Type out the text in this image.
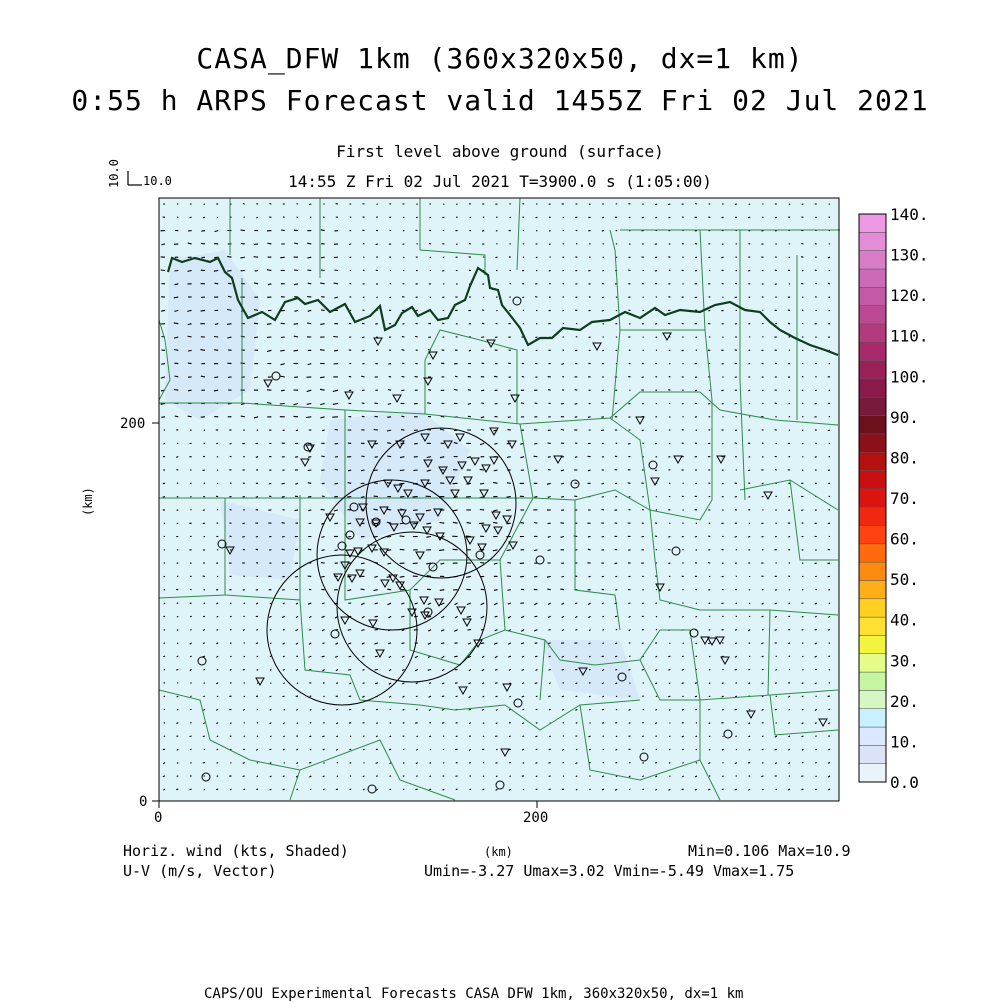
CASA_DFW 1km (360x320x50, dx=1 km)
0:55 h ARPS Forecast valid 1455Z Fri 02 Jul 2021
First level above ground (surface)
14:55 Z Fri 02 Jul 2021 T=3900.0 s (1:05:00)
10.0 10.0
0	200
0
200
(km)
(km)
140.
130.
120.
110.
100.
90.
80.
70.
60.
50.
40.
30.
20.
10.
0.0
Horiz. wind (kts, Shaded)
U-V (m/s, Vector)
Min=0.106 Max=10.9
Umin=-3.27 Umax=3.02 Vmin=-5.49 Vmax=1.75
CAPS/OU Experimental Forecasts CASA DFW 1km, 360x320x50, dx=1 km
